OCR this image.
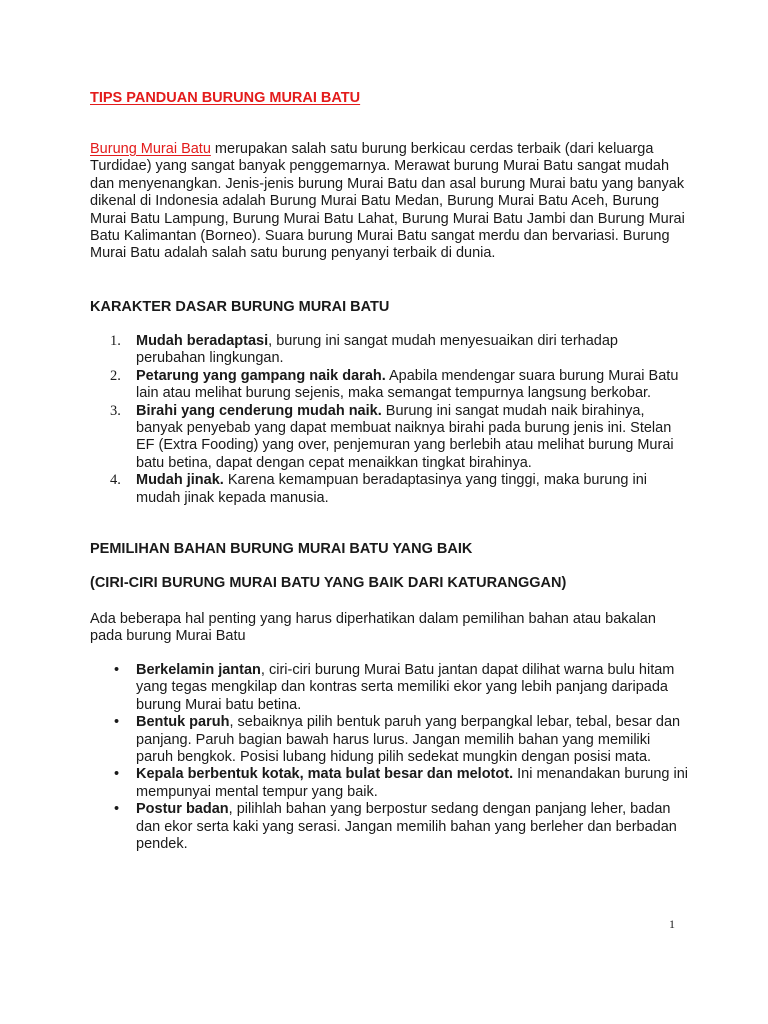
TIPS PANDUAN BURUNG MURAI BATU
Burung Murai Batu merupakan salah satu burung berkicau cerdas terbaik (dari keluarga Turdidae) yang sangat banyak penggemarnya. Merawat burung Murai Batu sangat mudah dan menyenangkan. Jenis-jenis burung Murai Batu dan asal burung Murai batu yang banyak dikenal di Indonesia adalah Burung Murai Batu Medan, Burung Murai Batu Aceh, Burung Murai Batu Lampung, Burung Murai Batu Lahat, Burung Murai Batu Jambi dan Burung Murai Batu Kalimantan (Borneo). Suara burung Murai Batu sangat merdu dan bervariasi. Burung Murai Batu adalah salah satu burung penyanyi terbaik di dunia.
KARAKTER DASAR BURUNG MURAI BATU
1.	Mudah beradaptasi, burung ini sangat mudah menyesuaikan diri terhadap perubahan lingkungan.
2.	Petarung yang gampang naik darah. Apabila mendengar suara burung Murai Batu lain atau melihat burung sejenis, maka semangat tempurnya langsung berkobar.
3.	Birahi yang cenderung mudah naik. Burung ini sangat mudah naik birahinya, banyak penyebab yang dapat membuat naiknya birahi pada burung jenis ini. Stelan EF (Extra Fooding) yang over, penjemuran yang berlebih atau melihat burung Murai batu betina, dapat dengan cepat menaikkan tingkat birahinya.
4.	Mudah jinak. Karena kemampuan beradaptasinya yang tinggi, maka burung ini mudah jinak kepada manusia.
PEMILIHAN BAHAN BURUNG MURAI BATU YANG BAIK
(CIRI-CIRI BURUNG MURAI BATU YANG BAIK DARI KATURANGGAN)
Ada beberapa hal penting yang harus diperhatikan dalam pemilihan bahan atau bakalan pada burung Murai Batu
•	Berkelamin jantan, ciri-ciri burung Murai Batu jantan dapat dilihat warna bulu hitam yang tegas mengkilap dan kontras serta memiliki ekor yang lebih panjang daripada burung Murai batu betina.
•	Bentuk paruh, sebaiknya pilih bentuk paruh yang berpangkal lebar, tebal, besar dan panjang. Paruh bagian bawah harus lurus. Jangan memilih bahan yang memiliki paruh bengkok. Posisi lubang hidung pilih sedekat mungkin dengan posisi mata.
•	Kepala berbentuk kotak, mata bulat besar dan melotot. Ini menandakan burung ini mempunyai mental tempur yang baik.
•	Postur badan, pilihlah bahan yang berpostur sedang dengan panjang leher, badan dan ekor serta kaki yang serasi. Jangan memilih bahan yang berleher dan berbadan pendek.
1
